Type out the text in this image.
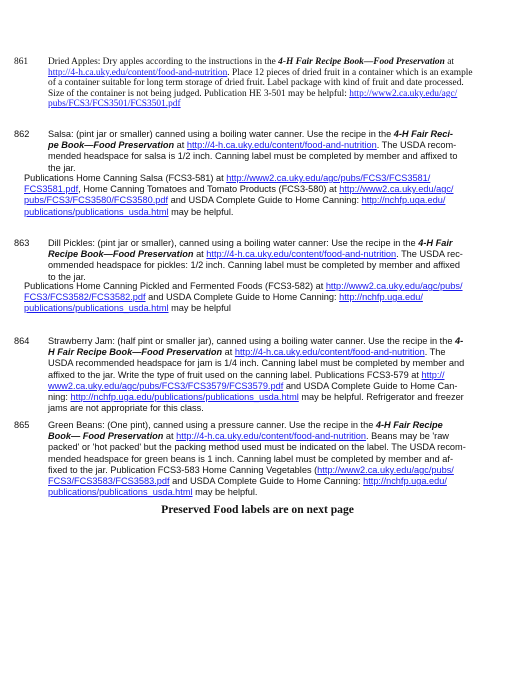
861	Dried Apples: Dry apples according to the instructions in the 4-H Fair Recipe Book—Food Preservation at
http://4-h.ca.uky.edu/content/food-and-nutrition. Place 12 pieces of dried fruit in a container which is an example
of a container suitable for long term storage of dried fruit. Label package with kind of fruit and date processed.
Size of the container is not being judged. Publication HE 3-501 may be helpful: http://www2.ca.uky.edu/agc/
pubs/FCS3/FCS3501/FCS3501.pdf
862	Salsa: (pint jar or smaller) canned using a boiling water canner. Use the recipe in the 4-H Fair Reci-
pe Book—Food Preservation at http://4-h.ca.uky.edu/content/food-and-nutrition. The USDA recom-
mended headspace for salsa is 1/2 inch. Canning label must be completed by member and affixed to
the jar.
Publications Home Canning Salsa (FCS3-581) at http://www2.ca.uky.edu/agc/pubs/FCS3/FCS3581/
FCS3581.pdf, Home Canning Tomatoes and Tomato Products (FCS3-580) at http://www2.ca.uky.edu/agc/
pubs/FCS3/FCS3580/FCS3580.pdf and USDA Complete Guide to Home Canning: http://nchfp.uga.edu/
publications/publications_usda.html may be helpful.
863	Dill Pickles: (pint jar or smaller), canned using a boiling water canner: Use the recipe in the 4-H Fair
Recipe Book—Food Preservation at http://4-h.ca.uky.edu/content/food-and-nutrition. The USDA rec-
ommended headspace for pickles: 1/2 inch. Canning label must be completed by member and affixed
to the jar.
Publications Home Canning Pickled and Fermented Foods (FCS3-582) at http://www2.ca.uky.edu/agc/pubs/
FCS3/FCS3582/FCS3582.pdf and USDA Complete Guide to Home Canning: http://nchfp.uga.edu/
publications/publications_usda.html may be helpful
864	Strawberry Jam: (half pint or smaller jar), canned using a boiling water canner. Use the recipe in the 4-
H Fair Recipe Book—Food Preservation at http://4-h.ca.uky.edu/content/food-and-nutrition. The
USDA recommended headspace for jam is 1/4 inch. Canning label must be completed by member and
affixed to the jar. Write the type of fruit used on the canning label. Publications FCS3-579 at http://
www2.ca.uky.edu/agc/pubs/FCS3/FCS3579/FCS3579.pdf and USDA Complete Guide to Home Can-
ning: http://nchfp.uga.edu/publications/publications_usda.html may be helpful. Refrigerator and freezer
jams are not appropriate for this class.
865	Green Beans: (One pint), canned using a pressure canner. Use the recipe in the 4-H Fair Recipe
Book— Food Preservation at http://4-h.ca.uky.edu/content/food-and-nutrition. Beans may be 'raw
packed' or 'hot packed' but the packing method used must be indicated on the label. The USDA recom-
mended headspace for green beans is 1 inch. Canning label must be completed by member and af-
fixed to the jar. Publication FCS3-583 Home Canning Vegetables (http://www2.ca.uky.edu/agc/pubs/
FCS3/FCS3583/FCS3583.pdf and USDA Complete Guide to Home Canning: http://nchfp.uga.edu/
publications/publications_usda.html may be helpful.
Preserved Food labels are on next page
